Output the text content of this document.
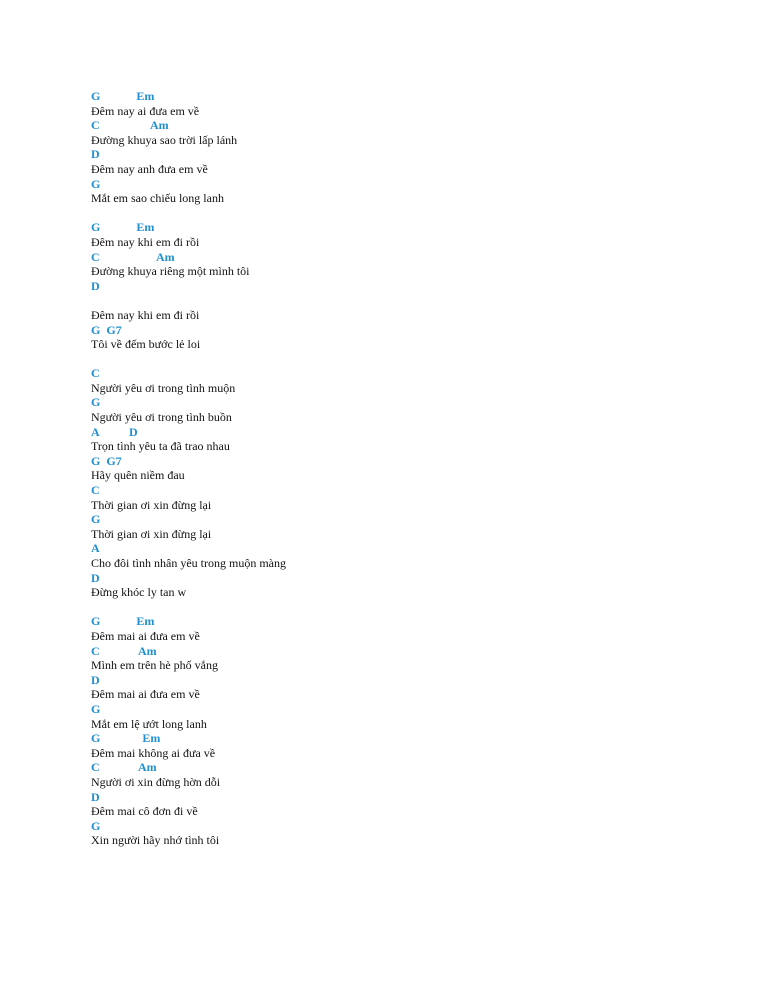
G            Em
Đêm nay ai đưa em về
C                 Am
Đường khuya sao trời lấp lánh
D
Đêm nay anh đưa em về
G
Mắt em sao chiếu long lanh
G            Em
Đêm nay khi em đi rồi
C                   Am
Đường khuya riêng một mình tôi
D
Đêm nay khi em đi rồi
G  G7
Tôi về đếm bước lẻ loi
C
Người yêu ơi trong tình muộn
G
Người yêu ơi trong tình buồn
A          D
Trọn tình yêu ta đã trao nhau
G  G7
Hãy quên niềm đau
C
Thời gian ơi xin đừng lại
G
Thời gian ơi xin đừng lại
A
Cho đôi tình nhân yêu trong muộn màng
D
Đừng khóc ly tan w
G            Em
Đêm mai ai đưa em về
C             Am
Mình em trên hè phố vắng
D
Đêm mai ai đưa em về
G
Mắt em lệ ướt long lanh
G              Em
Đêm mai không ai đưa về
C             Am
Người ơi xin đừng hờn dỗi
D
Đêm mai cô đơn đi về
G
Xin người hãy nhớ tình tôi
